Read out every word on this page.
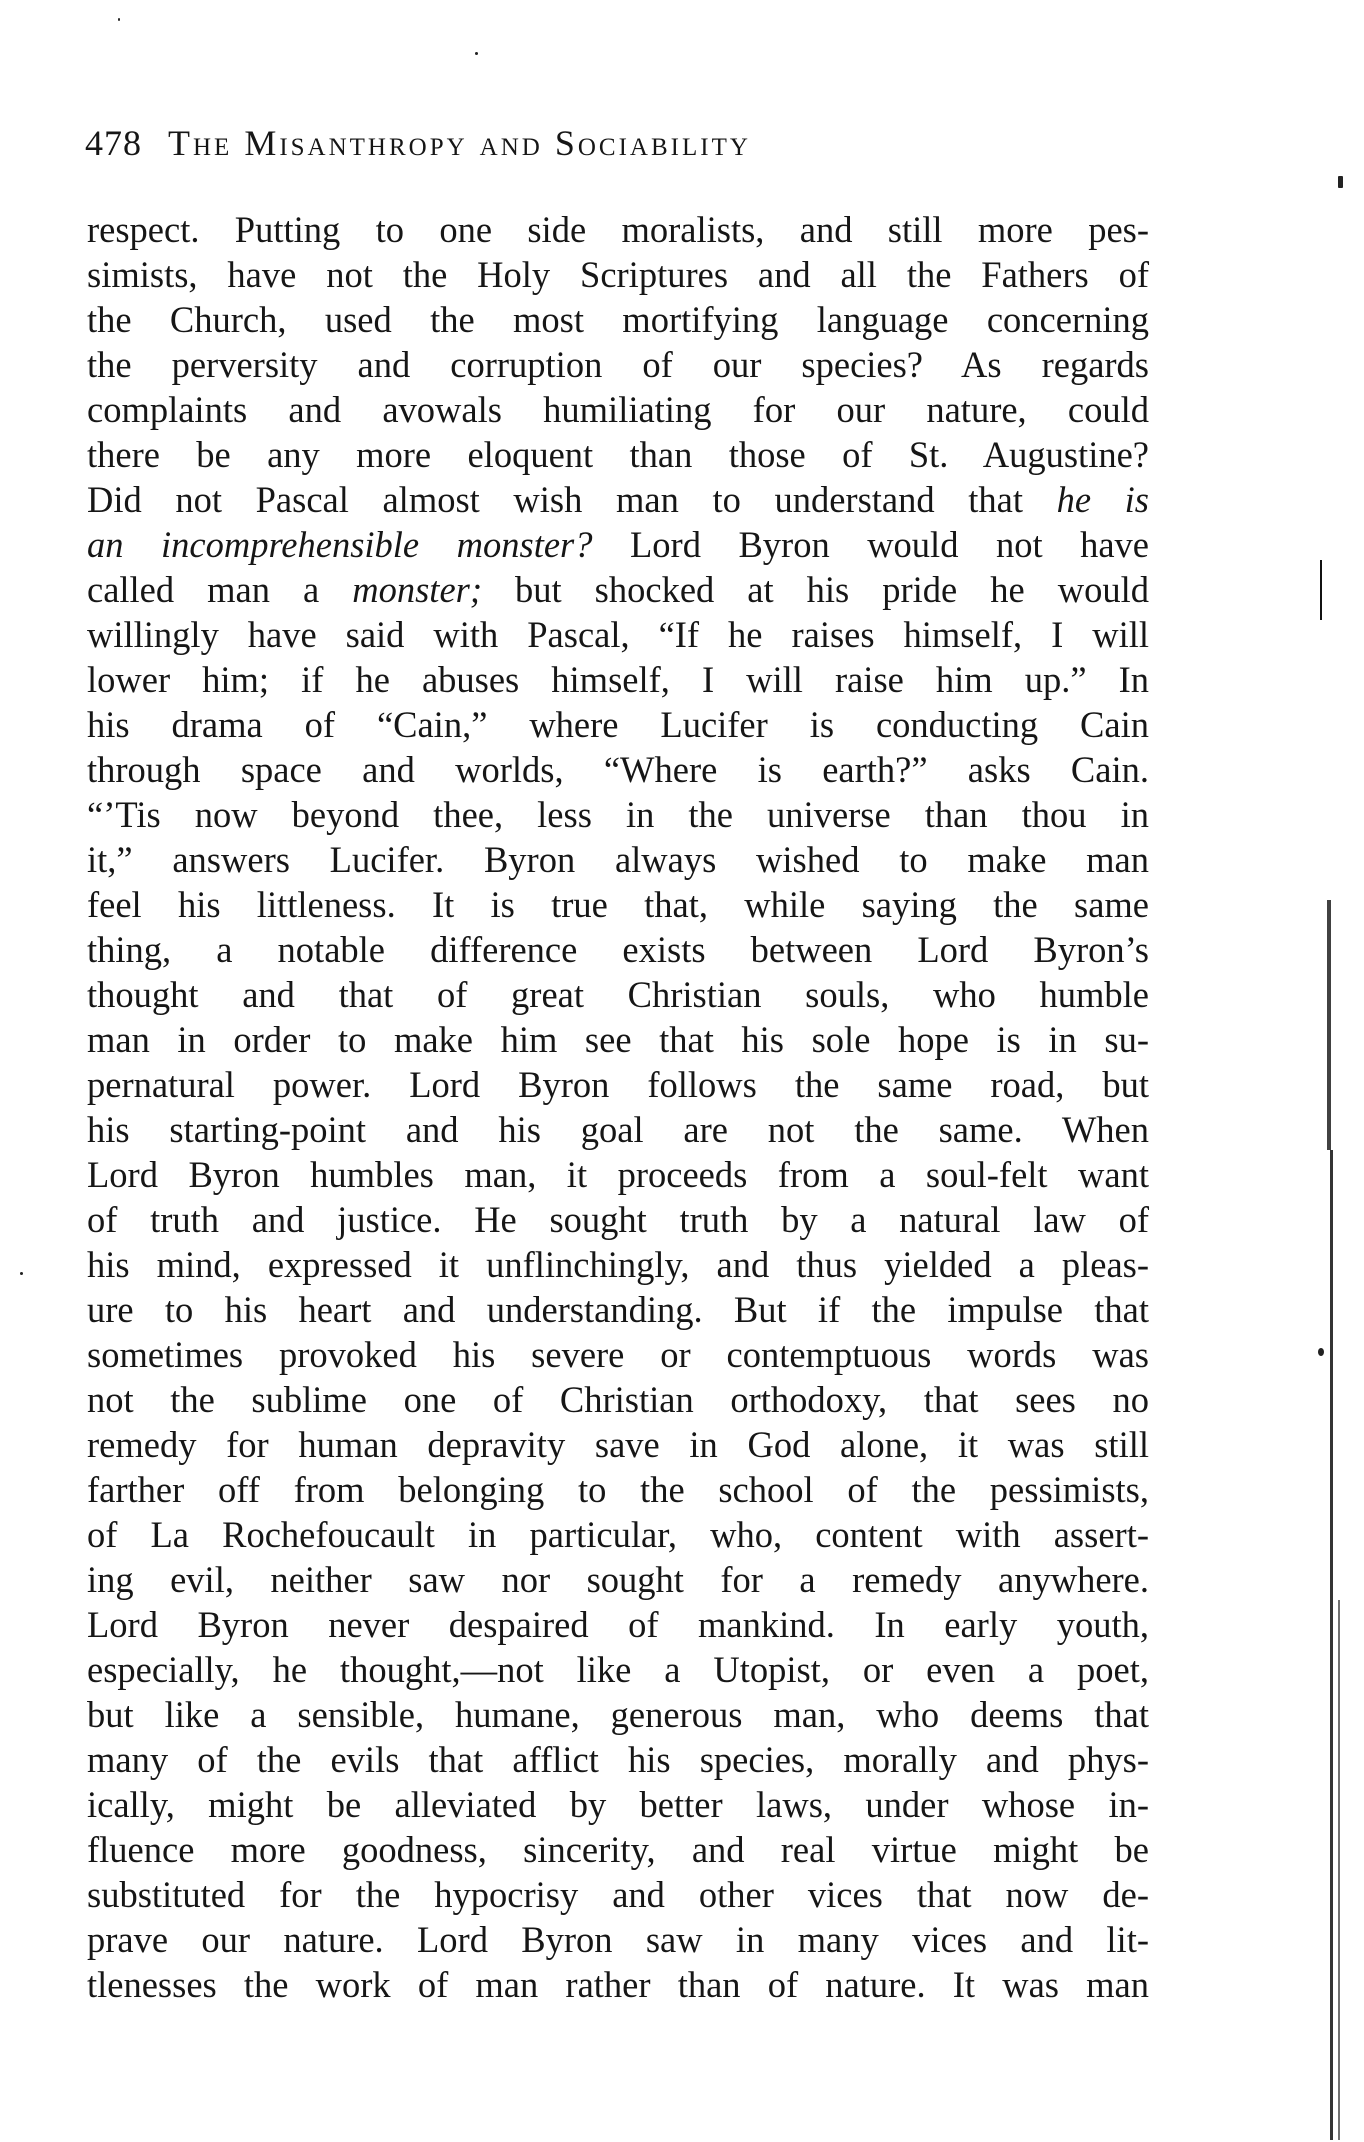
478 The Misanthropy and Sociability
respect. Putting to one side moralists, and still more pes-
simists, have not the Holy Scriptures and all the Fathers of
the Church, used the most mortifying language concerning
the perversity and corruption of our species? As regards
complaints and avowals humiliating for our nature, could
there be any more eloquent than those of St. Augustine?
Did not Pascal almost wish man to understand that he is
an incomprehensible monster? Lord Byron would not have
called man a monster; but shocked at his pride he would
willingly have said with Pascal, “If he raises himself, I will
lower him; if he abuses himself, I will raise him up.” In
his drama of “Cain,” where Lucifer is conducting Cain
through space and worlds, “Where is earth?” asks Cain.
“’Tis now beyond thee, less in the universe than thou in
it,” answers Lucifer. Byron always wished to make man
feel his littleness. It is true that, while saying the same
thing, a notable difference exists between Lord Byron’s
thought and that of great Christian souls, who humble
man in order to make him see that his sole hope is in su-
pernatural power. Lord Byron follows the same road, but
his starting-point and his goal are not the same. When
Lord Byron humbles man, it proceeds from a soul-felt want
of truth and justice. He sought truth by a natural law of
his mind, expressed it unflinchingly, and thus yielded a pleas-
ure to his heart and understanding. But if the impulse that
sometimes provoked his severe or contemptuous words was
not the sublime one of Christian orthodoxy, that sees no
remedy for human depravity save in God alone, it was still
farther off from belonging to the school of the pessimists,
of La Rochefoucault in particular, who, content with assert-
ing evil, neither saw nor sought for a remedy anywhere.
Lord Byron never despaired of mankind. In early youth,
especially, he thought,—not like a Utopist, or even a poet,
but like a sensible, humane, generous man, who deems that
many of the evils that afflict his species, morally and phys-
ically, might be alleviated by better laws, under whose in-
fluence more goodness, sincerity, and real virtue might be
substituted for the hypocrisy and other vices that now de-
prave our nature. Lord Byron saw in many vices and lit-
tlenesses the work of man rather than of nature. It was man
